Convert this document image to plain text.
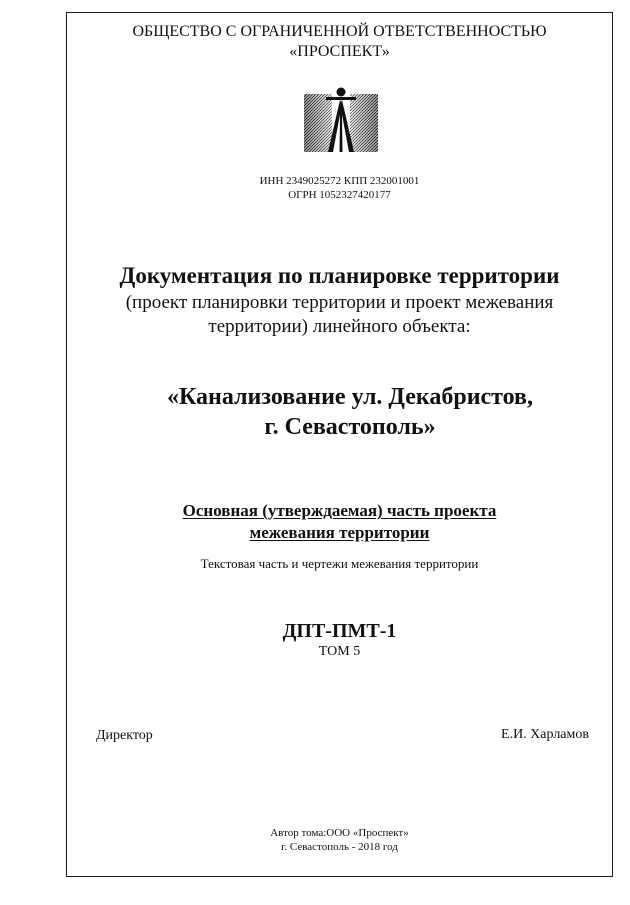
ОБЩЕСТВО С ОГРАНИЧЕННОЙ ОТВЕТСТВЕННОСТЬЮ
«ПРОСПЕКТ»
ИНН 2349025272 КПП 232001001
ОГРН 1052327420177
Документация по планировке территории
(проект планировки территории и проект межевания
территории) линейного объекта:
«Канализование ул. Декабристов,
г. Севастополь»
Основная (утверждаемая) часть проекта
межевания территории
Текстовая часть и чертежи межевания территории
ДПТ-ПМТ-1
ТОМ 5
Директор	Е.И. Харламов
Автор тома:ООО «Проспект»
г. Севастополь - 2018 год
